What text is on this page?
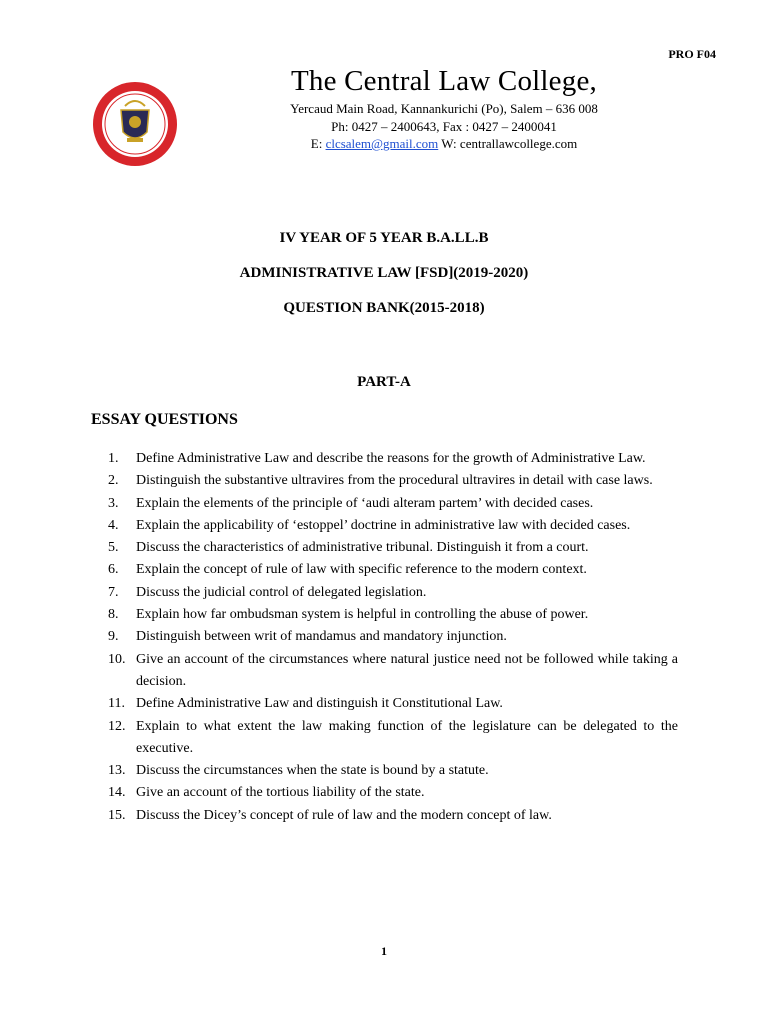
PRO F04
The Central Law College,
Yercaud Main Road, Kannankurichi (Po), Salem – 636 008
Ph: 0427 – 2400643, Fax : 0427 – 2400041
E: clcsalem@gmail.com W: centrallawcollege.com
IV YEAR OF 5 YEAR B.A.LL.B
ADMINISTRATIVE LAW [FSD](2019-2020)
QUESTION BANK(2015-2018)
PART-A
ESSAY QUESTIONS
1. Define Administrative Law and describe the reasons for the growth of Administrative Law.
2. Distinguish the substantive ultravires from the procedural ultravires in detail with case laws.
3. Explain the elements of the principle of ‘audi alteram partem’ with decided cases.
4. Explain the applicability of ‘estoppel’ doctrine in administrative law with decided cases.
5. Discuss the characteristics of administrative tribunal. Distinguish it from a court.
6. Explain the concept of rule of law with specific reference to the modern context.
7. Discuss the judicial control of delegated legislation.
8. Explain how far ombudsman system is helpful in controlling the abuse of power.
9. Distinguish between writ of mandamus and mandatory injunction.
10. Give an account of the circumstances where natural justice need not be followed while taking a decision.
11. Define Administrative Law and distinguish it Constitutional Law.
12. Explain to what extent the law making function of the legislature can be delegated to the executive.
13. Discuss the circumstances when the state is bound by a statute.
14. Give an account of the tortious liability of the state.
15. Discuss the Dicey’s concept of rule of law and the modern concept of law.
1
